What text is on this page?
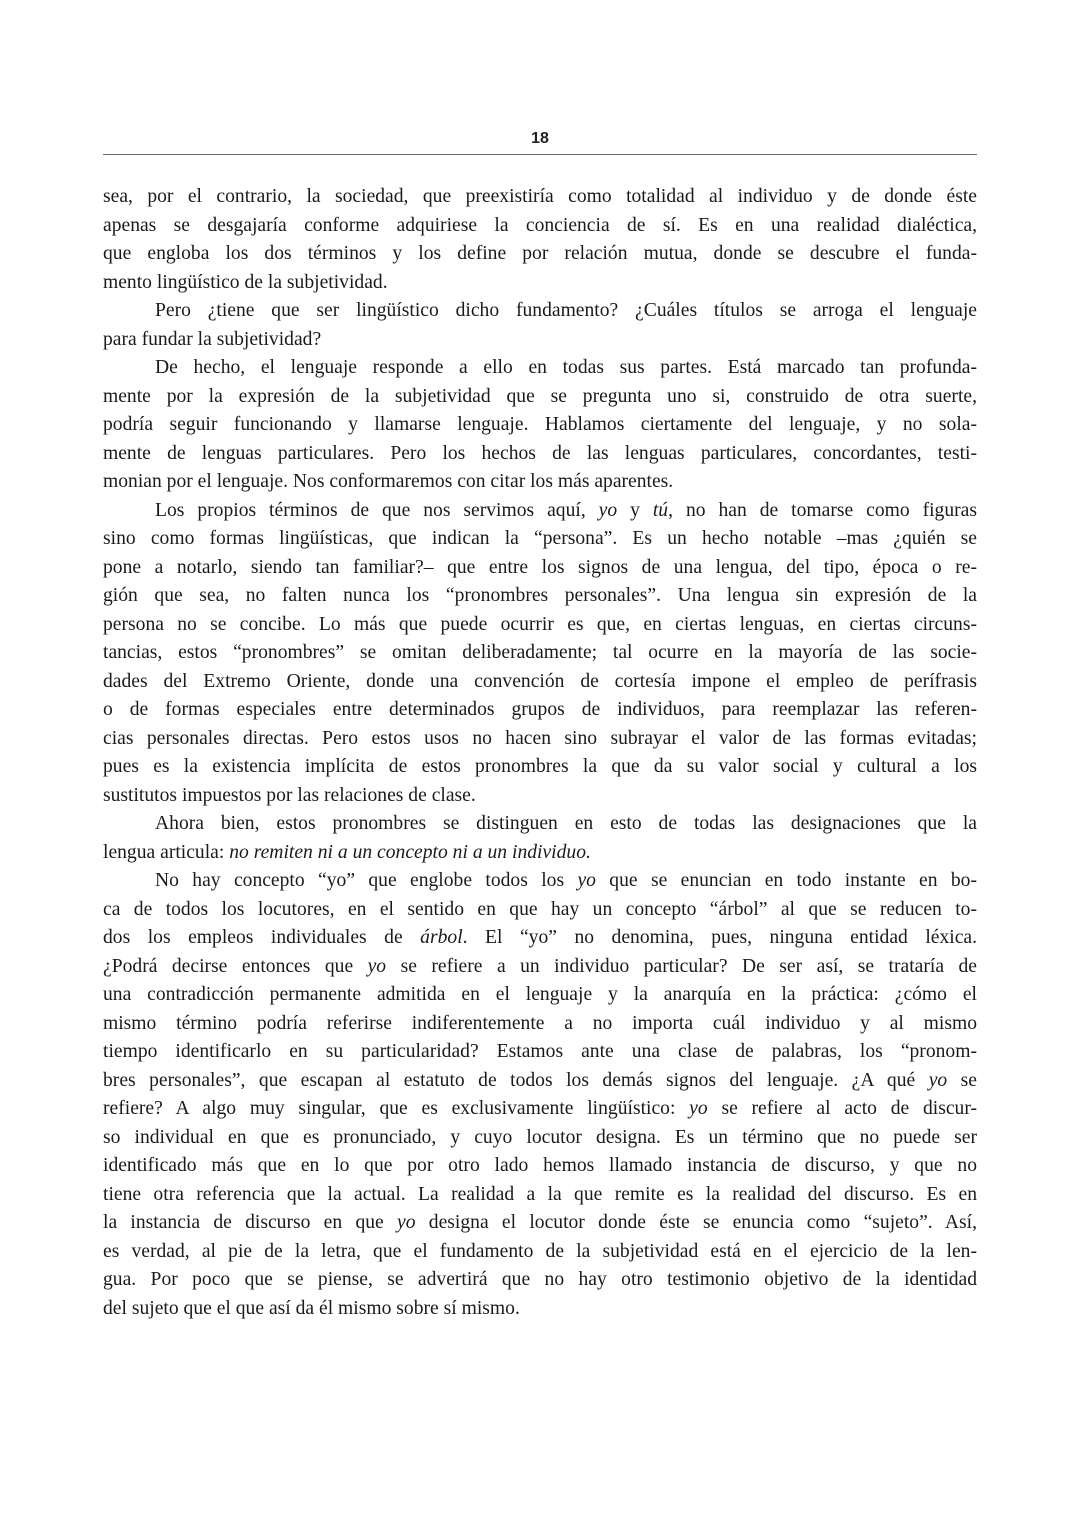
18
sea, por el contrario, la sociedad, que preexistiría como totalidad al individuo y de donde éste
apenas se desgajaría conforme adquiriese la conciencia de sí. Es en una realidad dialéctica,
que engloba los dos términos y los define por relación mutua, donde se descubre el funda-
mento lingüístico de la subjetividad.
Pero ¿tiene que ser lingüístico dicho fundamento? ¿Cuáles títulos se arroga el lenguaje
para fundar la subjetividad?
De hecho, el lenguaje responde a ello en todas sus partes. Está marcado tan profunda-
mente por la expresión de la subjetividad que se pregunta uno si, construido de otra suerte,
podría seguir funcionando y llamarse lenguaje. Hablamos ciertamente del lenguaje, y no sola-
mente de lenguas particulares. Pero los hechos de las lenguas particulares, concordantes, testi-
monian por el lenguaje. Nos conformaremos con citar los más aparentes.
Los propios términos de que nos servimos aquí, yo y tú, no han de tomarse como figuras
sino como formas lingüísticas, que indican la “persona”. Es un hecho notable –mas ¿quién se
pone a notarlo, siendo tan familiar?– que entre los signos de una lengua, del tipo, época o re-
gión que sea, no falten nunca los “pronombres personales”. Una lengua sin expresión de la
persona no se concibe. Lo más que puede ocurrir es que, en ciertas lenguas, en ciertas circuns-
tancias, estos “pronombres” se omitan deliberadamente; tal ocurre en la mayoría de las socie-
dades del Extremo Oriente, donde una convención de cortesía impone el empleo de perífrasis
o de formas especiales entre determinados grupos de individuos, para reemplazar las referen-
cias personales directas. Pero estos usos no hacen sino subrayar el valor de las formas evitadas;
pues es la existencia implícita de estos pronombres la que da su valor social y cultural a los
sustitutos impuestos por las relaciones de clase.
Ahora bien, estos pronombres se distinguen en esto de todas las designaciones que la
lengua articula: no remiten ni a un concepto ni a un individuo.
No hay concepto “yo” que englobe todos los yo que se enuncian en todo instante en bo-
ca de todos los locutores, en el sentido en que hay un concepto “árbol” al que se reducen to-
dos los empleos individuales de árbol. El “yo” no denomina, pues, ninguna entidad léxica.
¿Podrá decirse entonces que yo se refiere a un individuo particular? De ser así, se trataría de
una contradicción permanente admitida en el lenguaje y la anarquía en la práctica: ¿cómo el
mismo término podría referirse indiferentemente a no importa cuál individuo y al mismo
tiempo identificarlo en su particularidad? Estamos ante una clase de palabras, los “pronom-
bres personales”, que escapan al estatuto de todos los demás signos del lenguaje. ¿A qué yo se
refiere? A algo muy singular, que es exclusivamente lingüístico: yo se refiere al acto de discur-
so individual en que es pronunciado, y cuyo locutor designa. Es un término que no puede ser
identificado más que en lo que por otro lado hemos llamado instancia de discurso, y que no
tiene otra referencia que la actual. La realidad a la que remite es la realidad del discurso. Es en
la instancia de discurso en que yo designa el locutor donde éste se enuncia como “sujeto”. Así,
es verdad, al pie de la letra, que el fundamento de la subjetividad está en el ejercicio de la len-
gua. Por poco que se piense, se advertirá que no hay otro testimonio objetivo de la identidad
del sujeto que el que así da él mismo sobre sí mismo.
